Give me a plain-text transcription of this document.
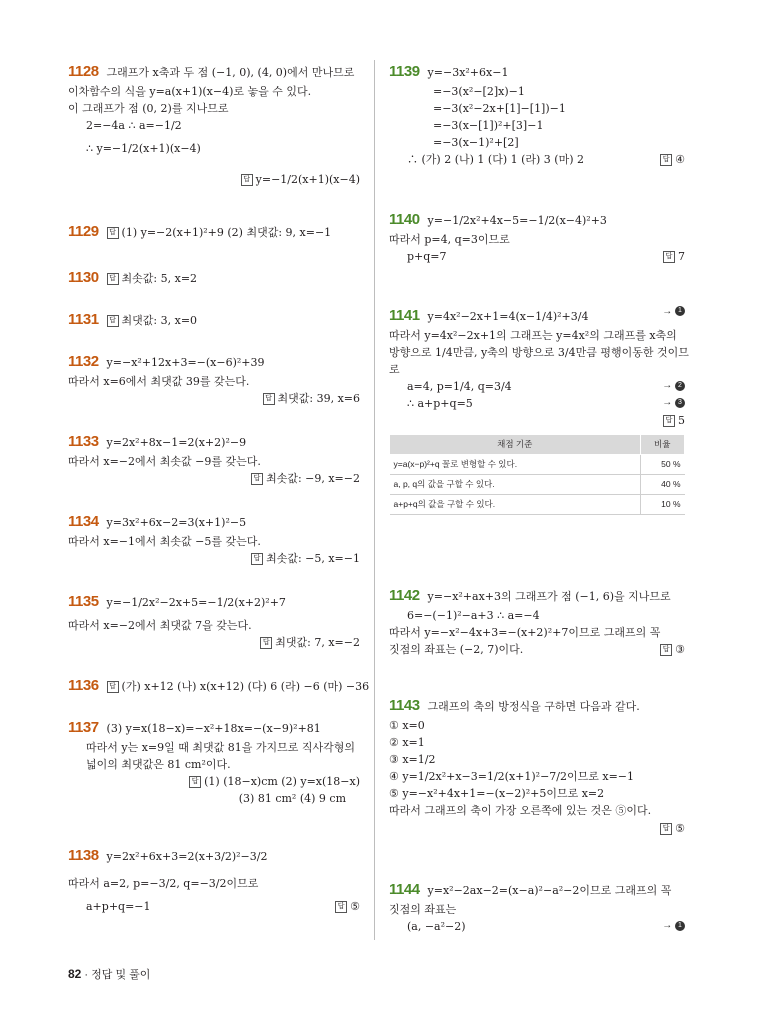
1128 그래프가 x축과 두 점 (−1, 0), (4, 0)에서 만나므로
이차함수의 식을 y=a(x+1)(x−4)로 놓을 수 있다.
이 그래프가 점 (0, 2)를 지나므로
2=−4a ∴ a=−1/2
∴ y=−1/2(x+1)(x−4)
답 y=−1/2(x+1)(x−4)
1129 답 (1) y=−2(x+1)²+9 (2) 최댓값: 9, x=−1
1130 답 최솟값: 5, x=2
1131 답 최댓값: 3, x=0
1132 y=−x²+12x+3=−(x−6)²+39
따라서 x=6에서 최댓값 39를 갖는다.
답 최댓값: 39, x=6
1133 y=2x²+8x−1=2(x+2)²−9
따라서 x=−2에서 최솟값 −9를 갖는다.
답 최솟값: −9, x=−2
1134 y=3x²+6x−2=3(x+1)²−5
따라서 x=−1에서 최솟값 −5를 갖는다.
답 최솟값: −5, x=−1
1135 y=−1/2x²−2x+5=−1/2(x+2)²+7
따라서 x=−2에서 최댓값 7을 갖는다.
답 최댓값: 7, x=−2
1136 답 (가) x+12 (나) x(x+12) (다) 6 (라) −6 (마) −36
1137 (3) y=x(18−x)=−x²+18x=−(x−9)²+81
따라서 y는 x=9일 때 최댓값 81을 가지므로 직사각형의
넓이의 최댓값은 81 cm²이다.
답 (1) (18−x)cm (2) y=x(18−x)
(3) 81 cm² (4) 9 cm
1138 y=2x²+6x+3=2(x+3/2)²−3/2
따라서 a=2, p=−3/2, q=−3/2이므로
a+p+q=−1	답 ⑤
1139 y=−3x²+6x−1
=−3(x²−[2]x)−1
=−3(x²−2x+[1]−[1])−1
=−3(x−[1])²+[3]−1
=−3(x−1)²+[2]
∴ (가) 2 (나) 1 (다) 1 (라) 3 (마) 2	답 ④
1140 y=−1/2x²+4x−5=−1/2(x−4)²+3
따라서 p=4, q=3이므로
p+q=7	답 7
1141 y=4x²−2x+1=4(x−1/4)²+3/4	→ 1
따라서 y=4x²−2x+1의 그래프는 y=4x²의 그래프를 x축의
방향으로 1/4만큼, y축의 방향으로 3/4만큼 평행이동한 것이므
로
a=4, p=1/4, q=3/4	→ 2
∴ a+p+q=5	→ 3
답 5
채점 기준	비율
y=a(x−p)²+q 꼴로 변형할 수 있다.	50 %
a, p, q의 값을 구할 수 있다.	40 %
a+p+q의 값을 구할 수 있다.	10 %
1142 y=−x²+ax+3의 그래프가 점 (−1, 6)을 지나므로
6=−(−1)²−a+3 ∴ a=−4
따라서 y=−x²−4x+3=−(x+2)²+7이므로 그래프의 꼭
짓점의 좌표는 (−2, 7)이다.	답 ③
1143 그래프의 축의 방정식을 구하면 다음과 같다.
① x=0
② x=1
③ x=1/2
④ y=1/2x²+x−3=1/2(x+1)²−7/2이므로 x=−1
⑤ y=−x²+4x+1=−(x−2)²+5이므로 x=2
따라서 그래프의 축이 가장 오른쪽에 있는 것은 ⑤이다.
답 ⑤
1144 y=x²−2ax−2=(x−a)²−a²−2이므로 그래프의 꼭
짓점의 좌표는
(a, −a²−2)	→ 1
82 · 정답 및 풀이
